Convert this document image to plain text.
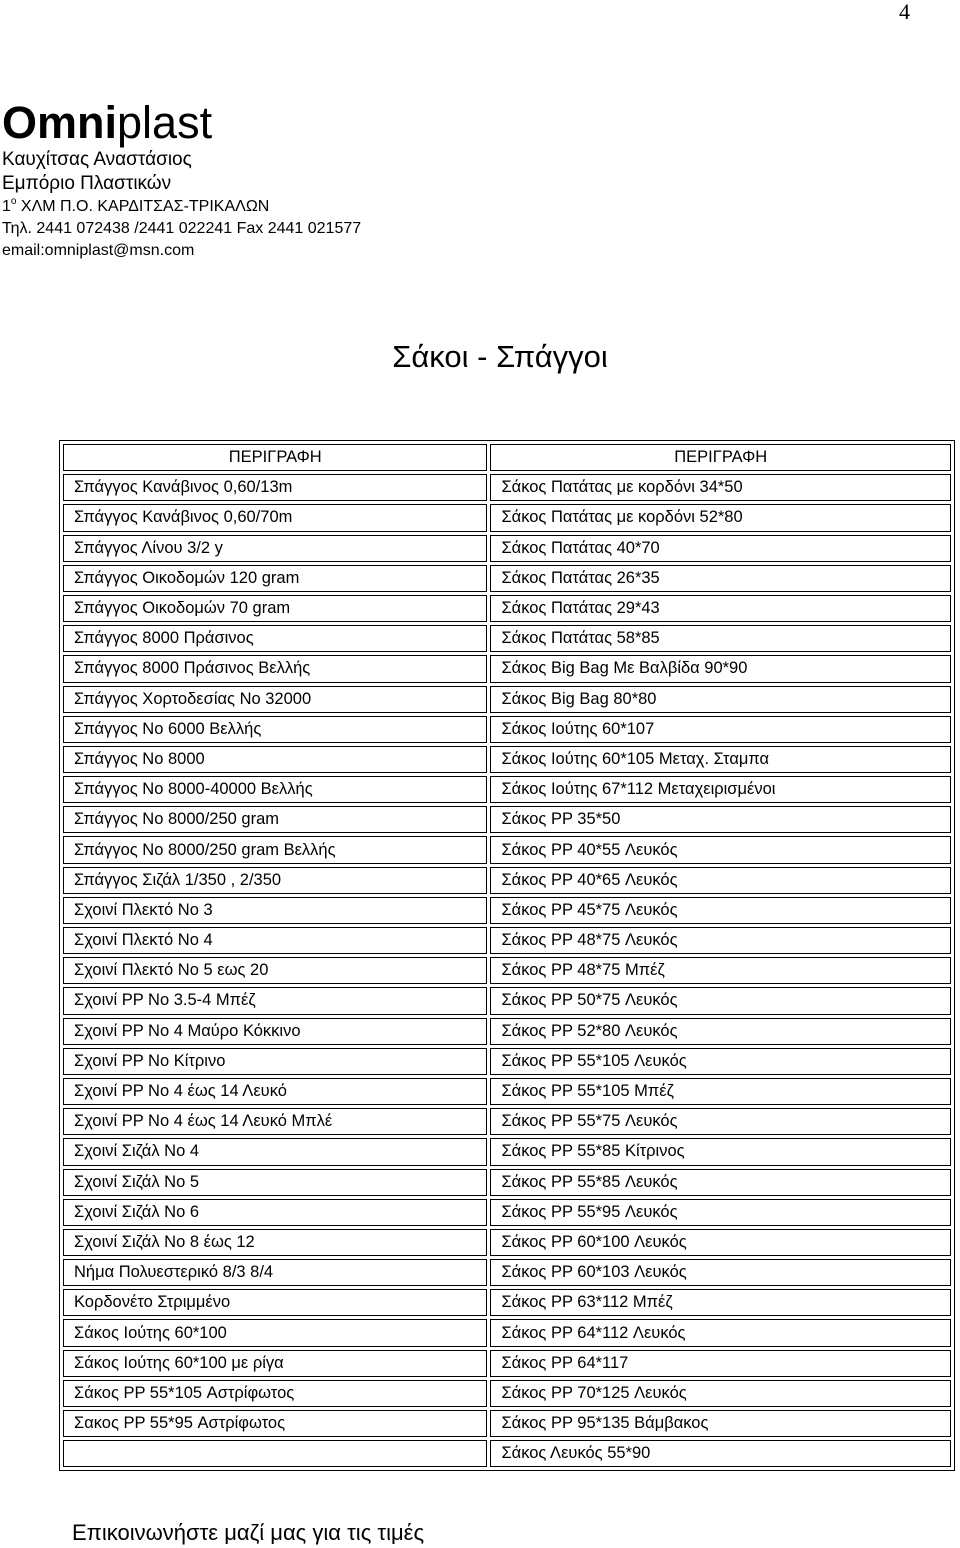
4
Omniplast
Καυχίτσας Αναστάσιος
Εμπόριο Πλαστικών
$1^o$ ΧΛΜ Π.Ο. ΚΑΡΔΙΤΣΑΣ-ΤΡΙΚΑΛΩΝ
Τηλ. 2441 072438 /2441 022241 Fax 2441 021577
email:omniplast@msn.com
Σάκοι - Σπάγγοι
ΠΕΡΙΓΡΑΦΗ	ΠΕΡΙΓΡΑΦΗ
Σπάγγος Κανάβινος 0,60/13m	Σάκος Πατάτας με κορδόνι 34*50
Σπάγγος Κανάβινος 0,60/70m	Σάκος Πατάτας με κορδόνι 52*80
Σπάγγος Λίνου 3/2 y	Σάκος Πατάτας 40*70
Σπάγγος Οικοδομών 120 gram	Σάκος Πατάτας 26*35
Σπάγγος Οικοδομών 70 gram	Σάκος Πατάτας 29*43
Σπάγγος 8000 Πράσινος	Σάκος Πατάτας 58*85
Σπάγγος 8000 Πράσινος Βελλής	Σάκος Big Bag Με Βαλβίδα 90*90
Σπάγγος Χορτοδεσίας Νο 32000	Σάκος Big Bag 80*80
Σπάγγος Νο 6000 Βελλής	Σάκος Ιούτης 60*107
Σπάγγος Νο 8000	Σάκος Ιούτης 60*105 Μεταχ. Σταμπα
Σπάγγος Νο 8000-40000 Βελλής	Σάκος Ιούτης 67*112 Μεταχειρισμένοι
Σπάγγος Νο 8000/250 gram	Σάκος PP 35*50
Σπάγγος Νο 8000/250 gram Βελλής	Σάκος PP 40*55 Λευκός
Σπάγγος Σιζάλ 1/350 , 2/350	Σάκος PP 40*65 Λευκός
Σχοινί Πλεκτό Νο 3	Σάκος PP 45*75 Λευκός
Σχοινί Πλεκτό Νο 4	Σάκος PP 48*75 Λευκός
Σχοινί Πλεκτό Νο 5 εως 20	Σάκος PP 48*75 Μπέζ
Σχοινί PP Νο 3.5-4 Μπέζ	Σάκος PP 50*75 Λευκός
Σχοινί PP Νο 4 Μαύρο Κόκκινο	Σάκος PP 52*80 Λευκός
Σχοινί PP Νο Κίτρινο	Σάκος PP 55*105 Λευκός
Σχοινί PP Νο 4 έως 14 Λευκό	Σάκος PP 55*105 Μπέζ
Σχοινί PP Νο 4 έως 14 Λευκό Μπλέ	Σάκος PP 55*75 Λευκός
Σχοινί Σιζάλ Νο 4	Σάκος PP 55*85 Κίτρινος
Σχοινί Σιζάλ Νο 5	Σάκος PP 55*85 Λευκός
Σχοινί Σιζάλ Νο 6	Σάκος PP 55*95 Λευκός
Σχοινί Σιζάλ Νο 8 έως 12	Σάκος PP 60*100 Λευκός
Νήμα Πολυεστερικό 8/3 8/4	Σάκος PP 60*103 Λευκός
Κορδονέτο Στριμμένο	Σάκος PP 63*112 Μπέζ
Σάκος Ιούτης 60*100	Σάκος PP 64*112 Λευκός
Σάκος Ιούτης 60*100 με ρίγα	Σάκος PP 64*117
Σάκος PP 55*105 Αστρίφωτος	Σάκος PP 70*125 Λευκός
Σακος PP 55*95 Αστρίφωτος	Σάκος PP 95*135 Βάμβακος
	Σάκος Λευκός 55*90
Επικοινωνήστε μαζί μας για τις τιμές
